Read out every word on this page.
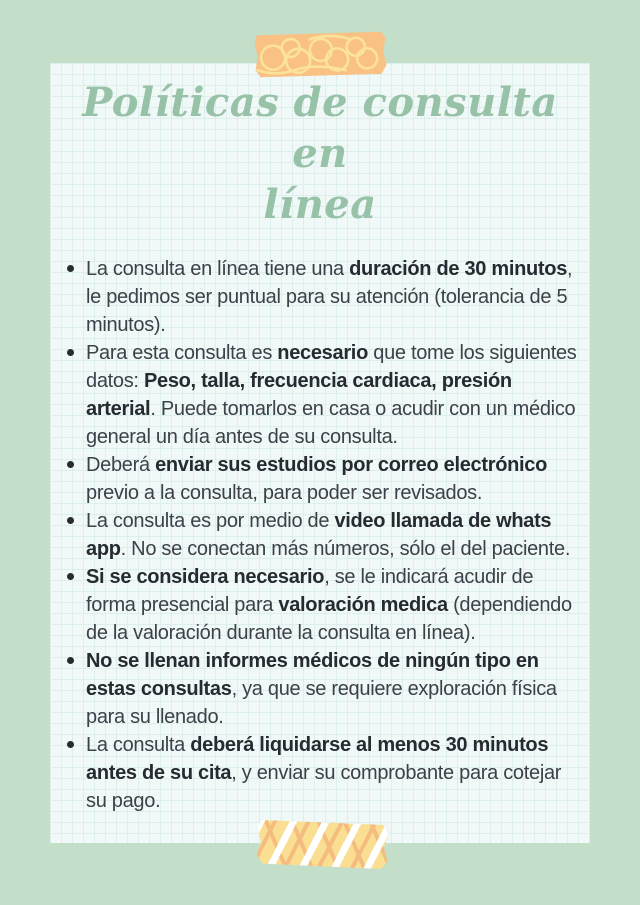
Políticas de consulta en
línea
La consulta en línea tiene una duración de 30 minutos, le pedimos ser puntual para su atención (tolerancia de 5 minutos).
Para esta consulta es necesario que tome los siguientes datos: Peso, talla, frecuencia cardiaca, presión arterial. Puede tomarlos en casa o acudir con un médico general un día antes de su consulta.
Deberá enviar sus estudios por correo electrónico previo a la consulta, para poder ser revisados.
La consulta es por medio de video llamada de whats app. No se conectan más números, sólo el del paciente.
Si se considera necesario, se le indicará acudir de forma presencial para valoración medica (dependiendo de la valoración durante la consulta en línea).
No se llenan informes médicos de ningún tipo en estas consultas, ya que se requiere exploración física para su llenado.
La consulta deberá liquidarse al menos 30 minutos antes de su cita, y enviar su comprobante para cotejar su pago.
